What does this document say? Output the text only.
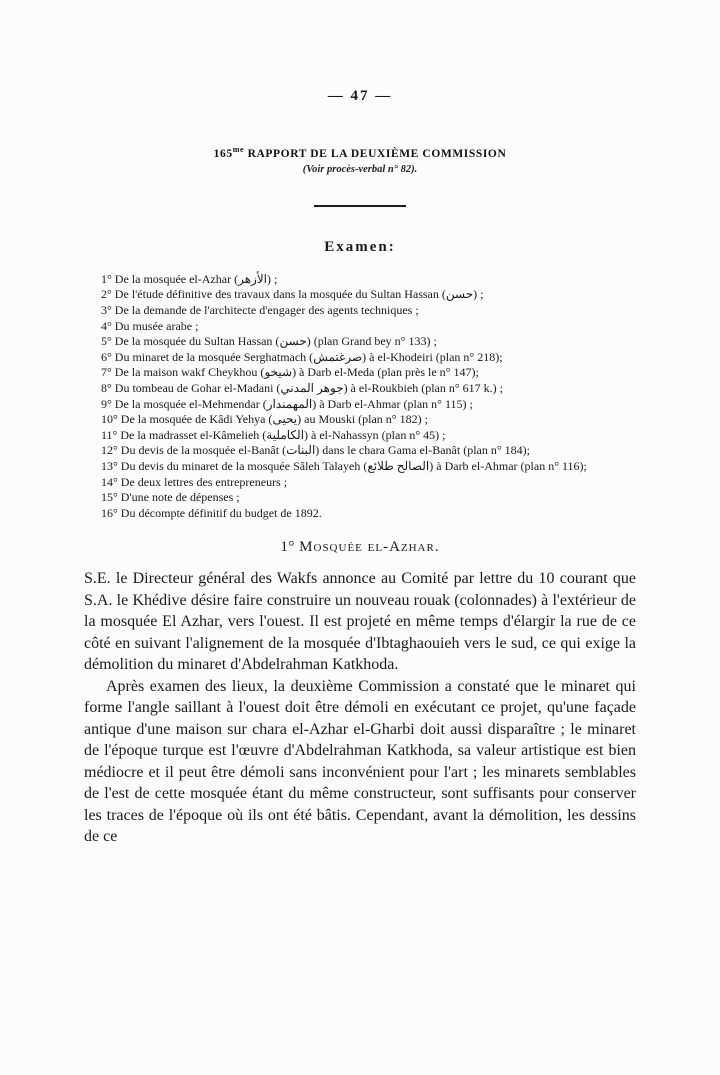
— 47 —
$165^{me}$ RAPPORT DE LA DEUXIÈME COMMISSION
(Voir procès-verbal n° 82).
Examen:
1° De la mosquée el-Azhar (الأزهر) ;
2° De l'étude définitive des travaux dans la mosquée du Sultan Hassan (حسن) ;
3° De la demande de l'architecte d'engager des agents techniques ;
4° Du musée arabe ;
5° De la mosquée du Sultan Hassan (حسن) (plan Grand bey n° 133) ;
6° Du minaret de la mosquée Serghatmach (صرغتمش) à el-Khodeiri (plan n° 218);
7° De la maison wakf Cheykhou (شيخو) à Darb el-Meda (plan près le n° 147);
8° Du tombeau de Gohar el-Madani (جوهر المدني) à el-Roukbieh (plan n° 617 k.) ;
9° De la mosquée el-Mehmendar (المهمندار) à Darb el-Ahmar (plan n° 115) ;
10° De la mosquée de Kâdi Yehya (يحيى) au Mouski (plan n° 182) ;
11° De la madrasset el-Kâmelieh (الكاملية) à el-Nahassyn (plan n° 45) ;
12° Du devis de la mosquée el-Banât (البنات) dans le chara Gama el-Banât (plan n° 184);
13° Du devis du minaret de la mosquée Sâleh Talayeh (الصالح طلائع) à Darb el-Ahmar (plan n° 116);
14° De deux lettres des entrepreneurs ;
15° D'une note de dépenses ;
16° Du décompte définitif du budget de 1892.
1° Mosquée el-Azhar.

S.E. le Directeur général des Wakfs annonce au Comité par lettre du 10 courant que S.A. le Khédive désire faire construire un nouveau rouak (colonnades) à l'extérieur de la mosquée El Azhar, vers l'ouest. Il est projeté en même temps d'élargir la rue de ce côté en suivant l'alignement de la mosquée d'Ibtaghaouieh vers le sud, ce qui exige la démolition du minaret d'Abdelrahman Katkhoda.

Après examen des lieux, la deuxième Commission a constaté que le minaret qui forme l'angle saillant à l'ouest doit être démoli en exécutant ce projet, qu'une façade antique d'une maison sur chara el-Azhar el-Gharbi doit aussi disparaître ; le minaret de l'époque turque est l'œuvre d'Abdelrahman Katkhoda, sa valeur artistique est bien médiocre et il peut être démoli sans inconvénient pour l'art ; les minarets semblables de l'est de cette mosquée étant du même constructeur, sont suffisants pour conserver les traces de l'époque où ils ont été bâtis. Cependant, avant la démolition, les dessins de ce
